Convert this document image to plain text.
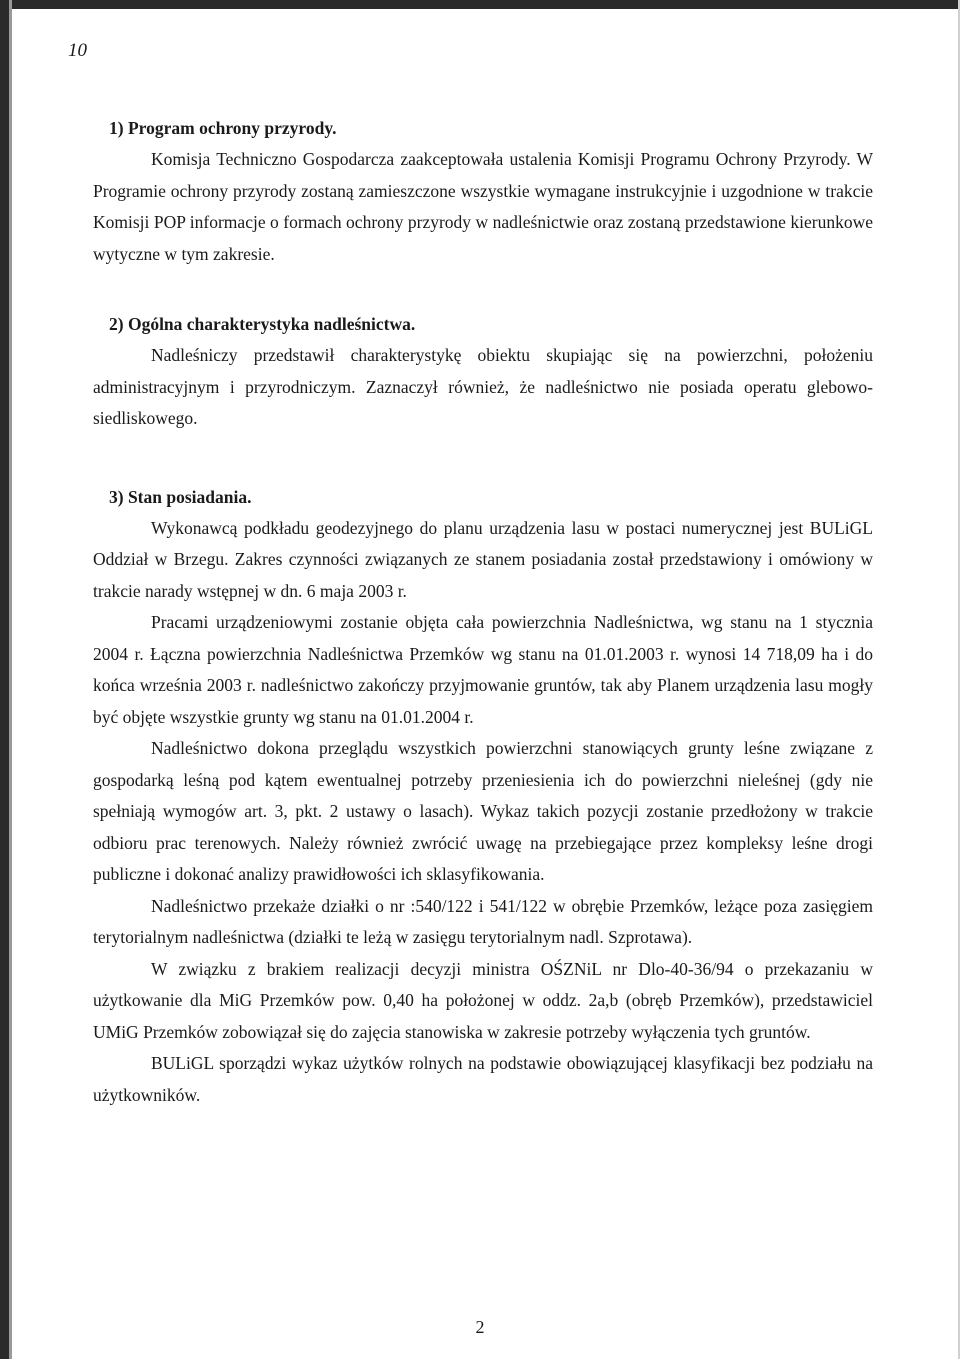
10

1) Program ochrony przyrody.

Komisja Techniczno Gospodarcza zaakceptowała ustalenia Komisji Programu Ochrony Przyrody. W Programie ochrony przyrody zostaną zamieszczone wszystkie wymagane instrukcyjnie i uzgodnione w trakcie Komisji POP informacje o formach ochrony przyrody w nadleśnictwie oraz zostaną przedstawione kierunkowe wytyczne w tym zakresie.

2) Ogólna charakterystyka nadleśnictwa.

Nadleśniczy przedstawił charakterystykę obiektu skupiając się na powierzchni, położeniu administracyjnym i przyrodniczym. Zaznaczył również, że nadleśnictwo nie posiada operatu glebowo-siedliskowego.

3) Stan posiadania.

Wykonawcą podkładu geodezyjnego do planu urządzenia lasu w postaci numerycznej jest BULiGL Oddział w Brzegu. Zakres czynności związanych ze stanem posiadania został przedstawiony i omówiony w trakcie narady wstępnej w dn. 6 maja 2003 r.

Pracami urządzeniowymi zostanie objęta cała powierzchnia Nadleśnictwa, wg stanu na 1 stycznia 2004 r. Łączna powierzchnia Nadleśnictwa Przemków wg stanu na 01.01.2003 r. wynosi 14 718,09 ha i do końca września 2003 r. nadleśnictwo zakończy przyjmowanie gruntów, tak aby Planem urządzenia lasu mogły być objęte wszystkie grunty wg stanu na 01.01.2004 r.

Nadleśnictwo dokona przeglądu wszystkich powierzchni stanowiących grunty leśne związane z gospodarką leśną pod kątem ewentualnej potrzeby przeniesienia ich do powierzchni nieleśnej (gdy nie spełniają wymogów art. 3, pkt. 2 ustawy o lasach). Wykaz takich pozycji zostanie przedłożony w trakcie odbioru prac terenowych. Należy również zwrócić uwagę na przebiegające przez kompleksy leśne drogi publiczne i dokonać analizy prawidłowości ich sklasyfikowania.

Nadleśnictwo przekaże działki o nr :540/122 i 541/122 w obrębie Przemków, leżące poza zasięgiem terytorialnym nadleśnictwa (działki te leżą w zasięgu terytorialnym nadl. Szprotawa).

W związku z brakiem realizacji decyzji ministra OŚZNiL nr Dlo-40-36/94 o przekazaniu w użytkowanie dla MiG Przemków pow. 0,40 ha położonej w oddz. 2a,b (obręb Przemków), przedstawiciel UMiG Przemków zobowiązał się do zajęcia stanowiska w zakresie potrzeby wyłączenia tych gruntów.

BULiGL sporządzi wykaz użytków rolnych na podstawie obowiązującej klasyfikacji bez podziału na użytkowników.

2
